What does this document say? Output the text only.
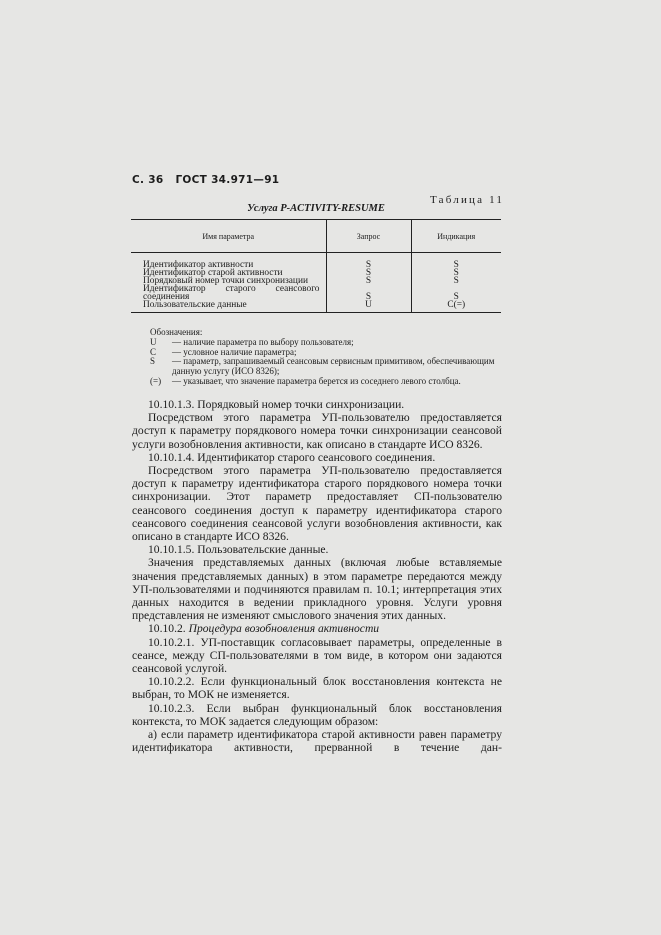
С. 36 ГОСТ 34.971—91
Таблица 11
Услуга P-ACTIVITY-RESUME
Имя параметра	Запрос	Индикация
Идентификатор активности	S	S
Идентификатор старой активности	S	S
Порядковый номер точки синхронизации	S	S
Идентификатор старого сеансового соединения	S	S
Пользовательские данные	U	C(=)
Обозначения:
U	— наличие параметра по выбору пользователя;
C	— условное наличие параметра;
S	— параметр, запрашиваемый сеансовым сервисным примитивом, обеспечивающим данную услугу (ИСО 8326);
(=)	— указывает, что значение параметра берется из соседнего левого столбца.

10.10.1.3. Порядковый номер точки синхронизации.

Посредством этого параметра УП-пользователю предоставляется доступ к параметру порядкового номера точки синхронизации сеансовой услуги возобновления активности, как описано в стандарте ИСО 8326.

10.10.1.4. Идентификатор старого сеансового соединения.

Посредством этого параметра УП-пользователю предоставляется доступ к параметру идентификатора старого порядкового номера точки синхронизации. Этот параметр предоставляет СП-пользователю сеансового соединения доступ к параметру идентификатора старого сеансового соединения сеансовой услуги возобновления активности, как описано в стандарте ИСО 8326.

10.10.1.5. Пользовательские данные.

Значения представляемых данных (включая любые вставляемые значения представляемых данных) в этом параметре передаются между УП-пользователями и подчиняются правилам п. 10.1; интерпретация этих данных находится в ведении прикладного уровня. Услуги уровня представления не изменяют смыслового значения этих данных.

10.10.2. Процедура возобновления активности

10.10.2.1. УП-поставщик согласовывает параметры, определенные в сеансе, между СП-пользователями в том виде, в котором они задаются сеансовой услугой.

10.10.2.2. Если функциональный блок восстановления контекста не выбран, то МОК не изменяется.

10.10.2.3. Если выбран функциональный блок восстановления контекста, то МОК задается следующим образом:

а) если параметр идентификатора старой активности равен параметру идентификатора активности, прерванной в течение дан-
